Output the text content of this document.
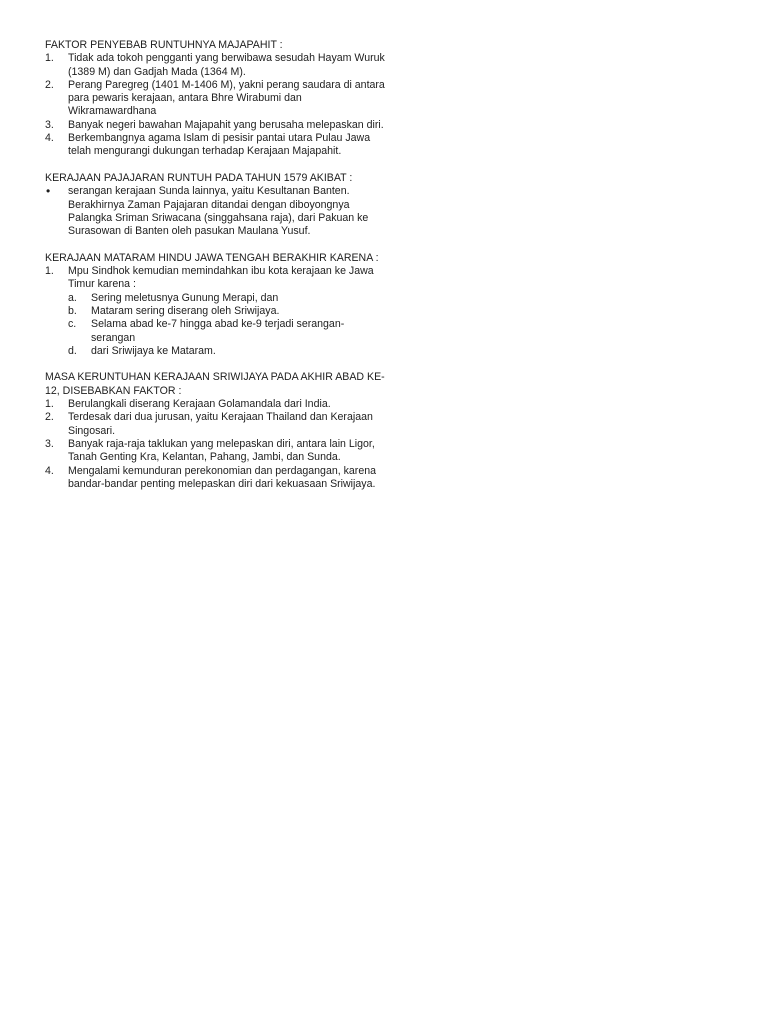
FAKTOR PENYEBAB RUNTUHNYA MAJAPAHIT :

1.	Tidak ada tokoh pengganti yang berwibawa sesudah Hayam Wuruk (1389 M) dan Gadjah Mada (1364 M).
2.	Perang Paregreg (1401 M-1406 M), yakni perang saudara di antara para pewaris kerajaan, antara Bhre Wirabumi dan Wikramawardhana
3.	Banyak negeri bawahan Majapahit yang berusaha melepaskan diri.
4.	Berkembangnya agama Islam di pesisir pantai utara Pulau Jawa telah mengurangi dukungan terhadap Kerajaan Majapahit.

KERAJAAN PAJAJARAN RUNTUH PADA TAHUN 1579 AKIBAT :

• serangan kerajaan Sunda lainnya, yaitu Kesultanan Banten. Berakhirnya Zaman Pajajaran ditandai dengan diboyongnya Palangka Sriman Sriwacana (singgahsana raja), dari Pakuan ke Surasowan di Banten oleh pasukan Maulana Yusuf.

KERAJAAN MATARAM HINDU JAWA TENGAH BERAKHIR KARENA :

1.	Mpu Sindhok kemudian memindahkan ibu kota kerajaan ke Jawa Timur karena :
a.	Sering meletusnya Gunung Merapi, dan
b.	Mataram sering diserang oleh Sriwijaya.
c.	Selama abad ke-7 hingga abad ke-9 terjadi serangan-serangan
d.	dari Sriwijaya ke Mataram.

MASA KERUNTUHAN KERAJAAN SRIWIJAYA PADA AKHIR ABAD KE-12, DISEBABKAN FAKTOR :

1.	Berulangkali diserang Kerajaan Golamandala dari India.
2.	Terdesak dari dua jurusan, yaitu Kerajaan Thailand dan Kerajaan Singosari.
3.	Banyak raja-raja taklukan yang melepaskan diri, antara lain Ligor, Tanah Genting Kra, Kelantan, Pahang, Jambi, dan Sunda.
4.	Mengalami kemunduran perekonomian dan perdagangan, karena bandar-bandar penting melepaskan diri dari kekuasaan Sriwijaya.
